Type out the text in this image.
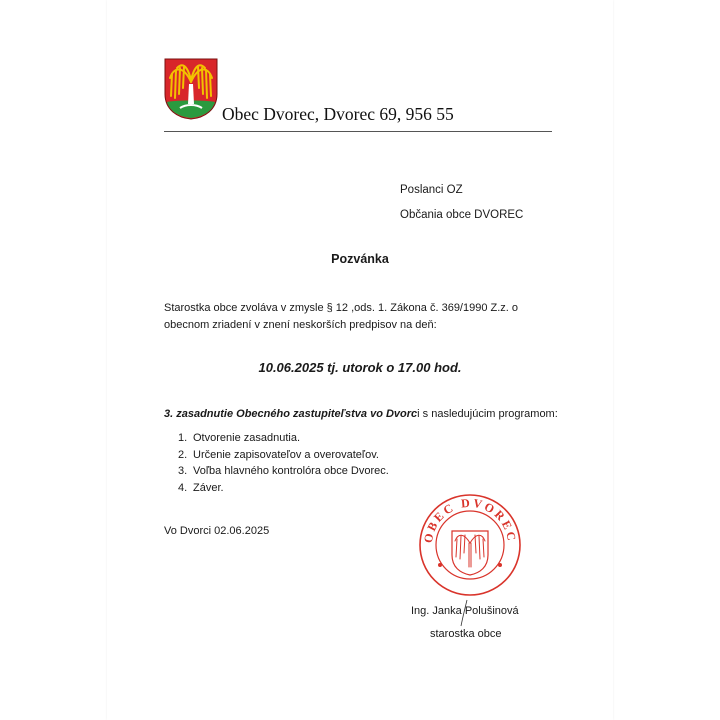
Obec Dvorec, Dvorec 69, 956 55
Poslanci OZ
Občania obce DVOREC
Pozvánka
Starostka obce zvoláva v zmysle § 12 ,ods. 1. Zákona č. 369/1990 Z.z. o obecnom zriadení v znení neskorších predpisov na deň:
10.06.2025 tj. utorok o 17.00 hod.
3. zasadnutie Obecného zastupiteľstva vo Dvorci s nasledujúcim programom:
1. Otvorenie zasadnutia.
2. Určenie zapisovateľov a overovateľov.
3. Voľba hlavného kontrolóra obce Dvorec.
4. Záver.
Vo Dvorci 02.06.2025	OBEC DVOREC
Ing. Janka Polušinová
starostka obce
